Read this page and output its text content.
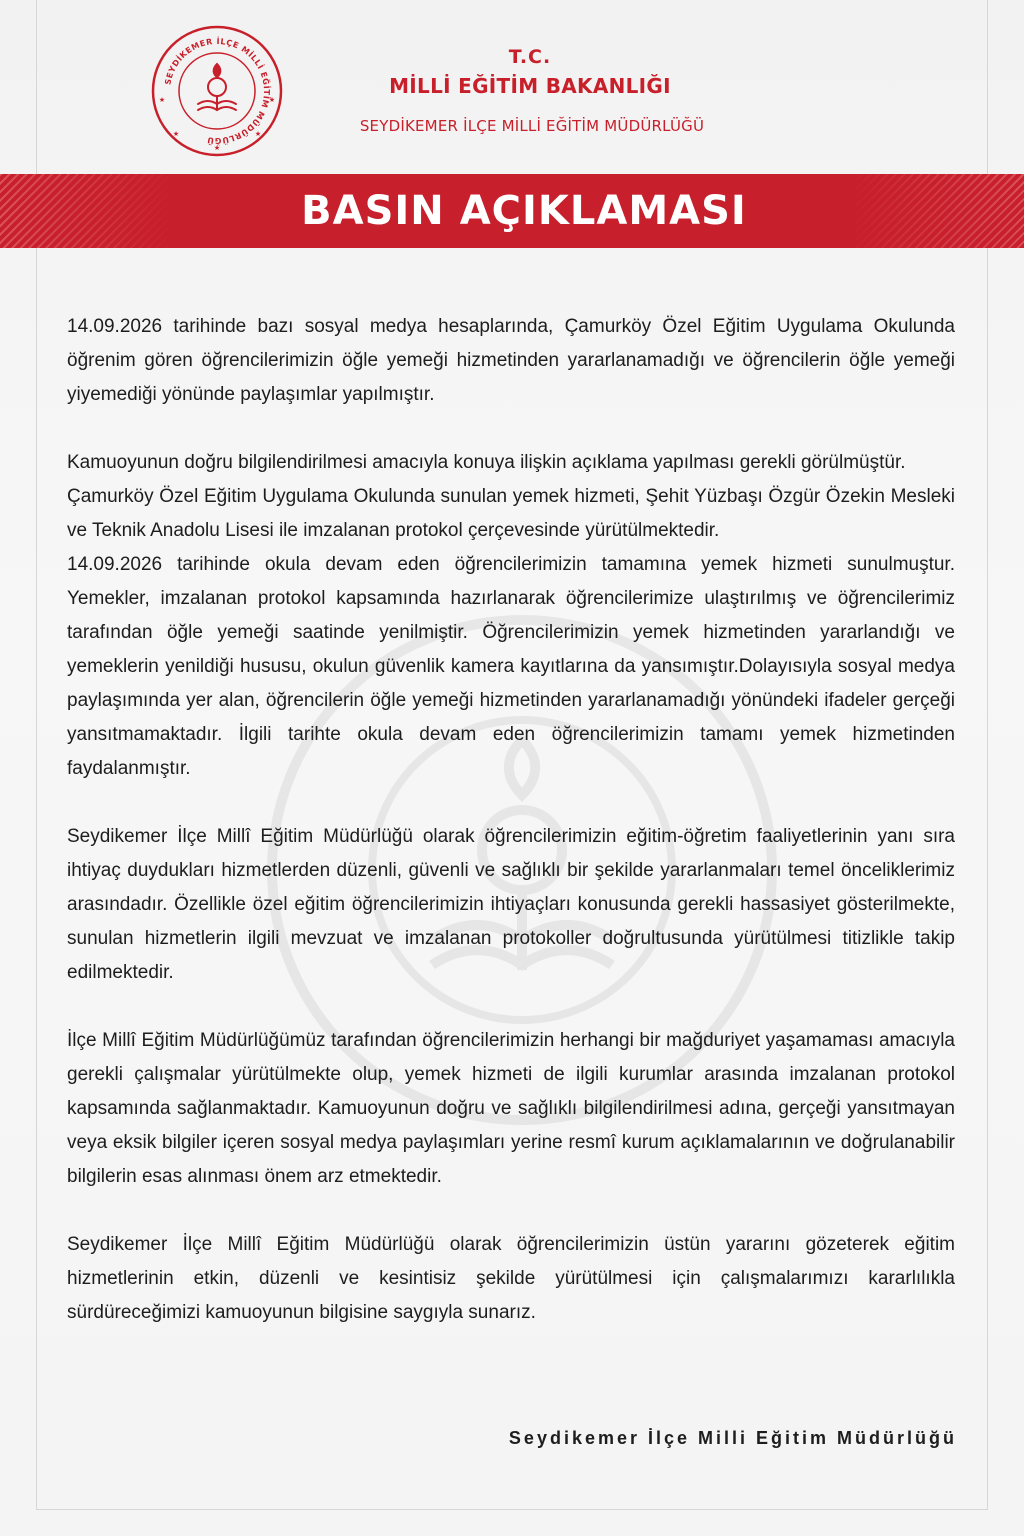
SEYDİKEMER İLÇE MİLLİ EĞİTİM MÜDÜRLÜĞÜ
★
★	★
★	★
T.C.
MİLLİ EĞİTİM BAKANLIĞI
SEYDİKEMER İLÇE MİLLİ EĞİTİM MÜDÜRLÜĞÜ
BASIN AÇIKLAMASI

14.09.2026 tarihinde bazı sosyal medya hesaplarında, Çamurköy Özel Eğitim Uygulama Okulunda öğrenim gören öğrencilerimizin öğle yemeği hizmetinden yararlanamadığı ve öğrencilerin öğle yemeği yiyemediği yönünde paylaşımlar yapılmıştır.

Kamuoyunun doğru bilgilendirilmesi amacıyla konuya ilişkin açıklama yapılması gerekli görülmüştür.

Çamurköy Özel Eğitim Uygulama Okulunda sunulan yemek hizmeti, Şehit Yüzbaşı Özgür Özekin Mesleki ve Teknik Anadolu Lisesi ile imzalanan protokol çerçevesinde yürütülmektedir.

14.09.2026 tarihinde okula devam eden öğrencilerimizin tamamına yemek hizmeti sunulmuştur. Yemekler, imzalanan protokol kapsamında hazırlanarak öğrencilerimize ulaştırılmış ve öğrencilerimiz tarafından öğle yemeği saatinde yenilmiştir. Öğrencilerimizin yemek hizmetinden yararlandığı ve yemeklerin yenildiği hususu, okulun güvenlik kamera kayıtlarına da yansımıştır.Dolayısıyla sosyal medya paylaşımında yer alan, öğrencilerin öğle yemeği hizmetinden yararlanamadığı yönündeki ifadeler gerçeği yansıtmamaktadır. İlgili tarihte okula devam eden öğrencilerimizin tamamı yemek hizmetinden faydalanmıştır.

Seydikemer İlçe Millî Eğitim Müdürlüğü olarak öğrencilerimizin eğitim-öğretim faaliyetlerinin yanı sıra ihtiyaç duydukları hizmetlerden düzenli, güvenli ve sağlıklı bir şekilde yararlanmaları temel önceliklerimiz arasındadır. Özellikle özel eğitim öğrencilerimizin ihtiyaçları konusunda gerekli hassasiyet gösterilmekte, sunulan hizmetlerin ilgili mevzuat ve imzalanan protokoller doğrultusunda yürütülmesi titizlikle takip edilmektedir.

İlçe Millî Eğitim Müdürlüğümüz tarafından öğrencilerimizin herhangi bir mağduriyet yaşamaması amacıyla gerekli çalışmalar yürütülmekte olup, yemek hizmeti de ilgili kurumlar arasında imzalanan protokol kapsamında sağlanmaktadır. Kamuoyunun doğru ve sağlıklı bilgilendirilmesi adına, gerçeği yansıtmayan veya eksik bilgiler içeren sosyal medya paylaşımları yerine resmî kurum açıklamalarının ve doğrulanabilir bilgilerin esas alınması önem arz etmektedir.

Seydikemer İlçe Millî Eğitim Müdürlüğü olarak öğrencilerimizin üstün yararını gözeterek eğitim hizmetlerinin etkin, düzenli ve kesintisiz şekilde yürütülmesi için çalışmalarımızı kararlılıkla sürdüreceğimizi kamuoyunun bilgisine saygıyla sunarız.

Seydikemer İlçe Milli Eğitim Müdürlüğü
